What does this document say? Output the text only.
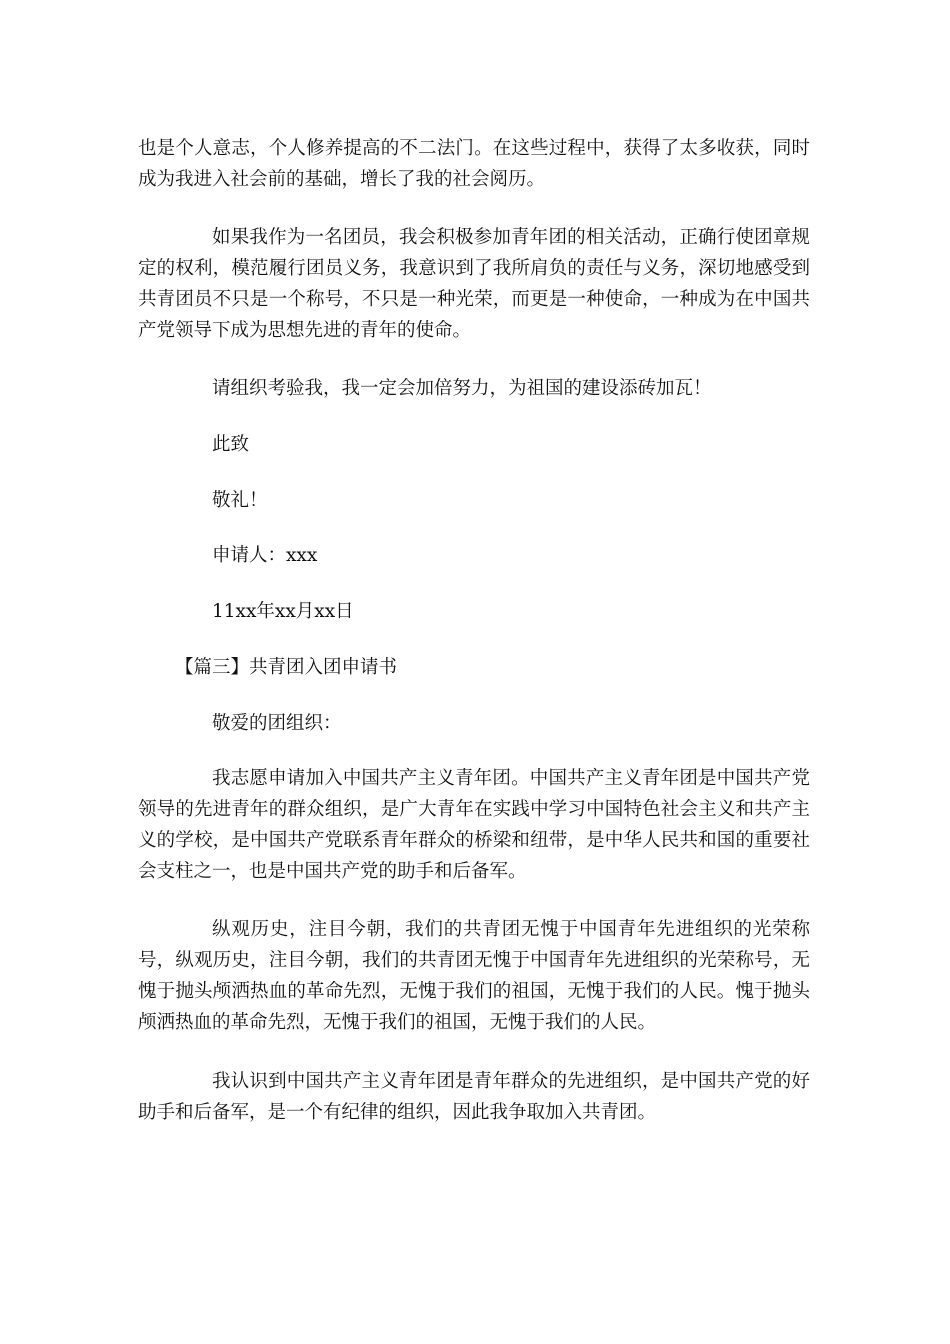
也是个人意志，个人修养提高的不二法门。在这些过程中，获得了太多收获，同时成为我进入社会前的基础，增长了我的社会阅历。

如果我作为一名团员，我会积极参加青年团的相关活动，正确行使团章规定的权利，模范履行团员义务，我意识到了我所肩负的责任与义务，深切地感受到共青团员不只是一个称号，不只是一种光荣，而更是一种使命，一种成为在中国共产党领导下成为思想先进的青年的使命。

请组织考验我，我一定会加倍努力，为祖国的建设添砖加瓦！

此致

敬礼！

申请人：xxx

11xx年xx月xx日

【篇三】共青团入团申请书

敬爱的团组织：

我志愿申请加入中国共产主义青年团。中国共产主义青年团是中国共产党领导的先进青年的群众组织，是广大青年在实践中学习中国特色社会主义和共产主义的学校，是中国共产党联系青年群众的桥梁和纽带，是中华人民共和国的重要社会支柱之一，也是中国共产党的助手和后备军。

纵观历史，注目今朝，我们的共青团无愧于中国青年先进组织的光荣称号，纵观历史，注目今朝，我们的共青团无愧于中国青年先进组织的光荣称号，无愧于抛头颅洒热血的革命先烈，无愧于我们的祖国，无愧于我们的人民。愧于抛头颅洒热血的革命先烈，无愧于我们的祖国，无愧于我们的人民。

我认识到中国共产主义青年团是青年群众的先进组织，是中国共产党的好助手和后备军，是一个有纪律的组织，因此我争取加入共青团。
